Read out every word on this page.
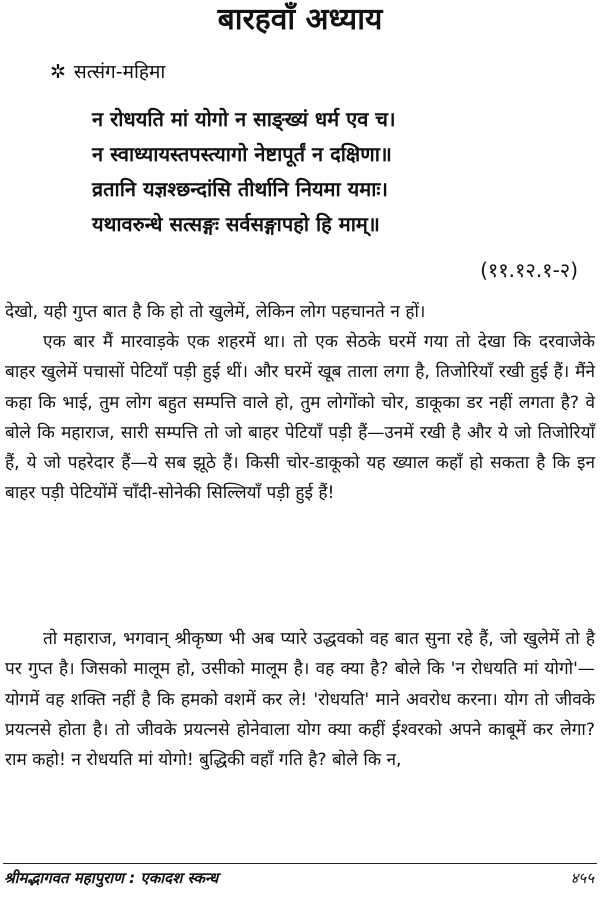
बारहवाँ अध्याय
✲ सत्संग-महिमा
न रोधयति मां योगो न साङ्ख्यं धर्म एव च।
न स्वाध्यायस्तपस्त्यागो नेष्टापूर्तं न दक्षिणा॥
व्रतानि यज्ञश्छन्दांसि तीर्थानि नियमा यमाः।
यथावरुन्धे सत्सङ्गः सर्वसङ्गापहो हि माम्॥
(११.१२.१-२)

देखो, यही गुप्त बात है कि हो तो खुलेमें, लेकिन लोग पहचानते न हों।

एक बार मैं मारवाड़के एक शहरमें था। तो एक सेठके घरमें गया तो देखा कि दरवाजेके बाहर खुलेमें पचासों पेटियाँ पड़ी हुई थीं। और घरमें खूब ताला लगा है, तिजोरियाँ रखी हुई हैं। मैंने कहा कि भाई, तुम लोग बहुत सम्पत्ति वाले हो, तुम लोगोंको चोर, डाकूका डर नहीं लगता है? वे बोले कि महाराज, सारी सम्पत्ति तो जो बाहर पेटियाँ पड़ी हैं—उनमें रखी है और ये जो तिजोरियाँ हैं, ये जो पहरेदार हैं—ये सब झूठे हैं। किसी चोर-डाकूको यह ख्याल कहाँ हो सकता है कि इन बाहर पड़ी पेटियोंमें चाँदी-सोनेकी सिल्लियाँ पड़ी हुई हैं!

तो महाराज, भगवान् श्रीकृष्ण भी अब प्यारे उद्धवको वह बात सुना रहे हैं, जो खुलेमें तो है पर गुप्त है। जिसको मालूम हो, उसीको मालूम है। वह क्या है? बोले कि 'न रोधयति मां योगो'—योगमें वह शक्ति नहीं है कि हमको वशमें कर ले! 'रोधयति' माने अवरोध करना। योग तो जीवके प्रयत्नसे होता है। तो जीवके प्रयत्नसे होनेवाला योग क्या कहीं ईश्वरको अपने काबूमें कर लेगा? राम कहो! न रोधयति मां योगो! बुद्धिकी वहाँ गति है? बोले कि न,

श्रीमद्भागवत महापुराण : एकादश स्कन्ध	४५५
